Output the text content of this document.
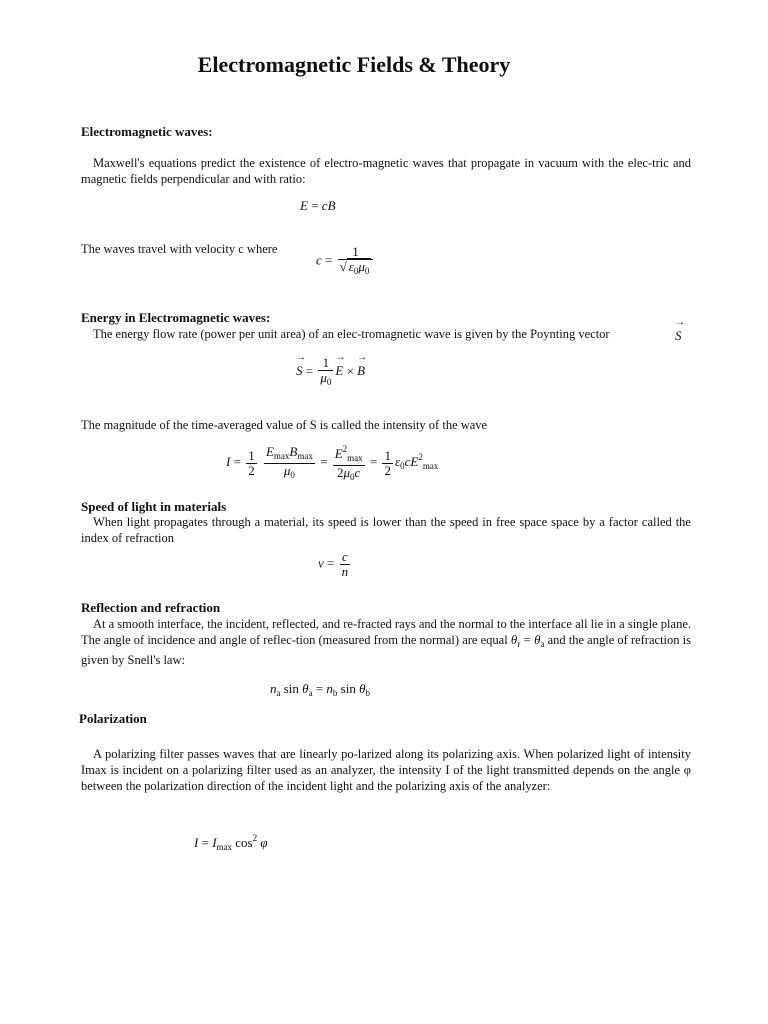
Electromagnetic Fields & Theory
Electromagnetic waves:
Maxwell's equations predict the existence of electro-magnetic waves that propagate in vacuum with the elec-tric and magnetic fields perpendicular and with ratio:
E = cB
The waves travel with velocity c where
$c = \frac{1}{√ \varepsilon_0\mu_0}$
Energy in Electromagnetic waves:
The energy flow rate (power per unit area) of an elec-tromagnetic wave is given by the Poynting vector
→	S
→ $S = \frac{1}{\mu_0}$
→ E × → B
The magnitude of the time-averaged value of S is called the intensity of the wave
$I = \frac{1}{2}$
$\frac{E_{max}B_{max}}{\mu_0} = \frac{E^2_{max}}{2\mu_0c} = \frac{1}{2} \varepsilon_0cE^2_{max}$
Speed of light in materials
When light propagates through a material, its speed is lower than the speed in free space space by a factor called the index of refraction
$v = \frac{c}{n}$
Reflection and refraction
At a smooth interface, the incident, reflected, and re-fracted rays and the normal to the interface all lie in a single plane. The angle of incidence and angle of reflec-tion (measured from the normal) are equal $\theta_r = \theta_a$ and the angle of refraction is given by Snell's law:
$n_a$ $\sin \theta_a = n_b$ $\sin \theta_b$
Polarization
A polarizing filter passes waves that are linearly po-larized along its polarizing axis. When polarized light of intensity Imax is incident on a polarizing filter used as an analyzer, the intensity I of the light transmitted depends on the angle φ between the polarization direction of the incident light and the polarizing axis of the analyzer:
$I = I_{max}$ $\cos^2 \varphi$
